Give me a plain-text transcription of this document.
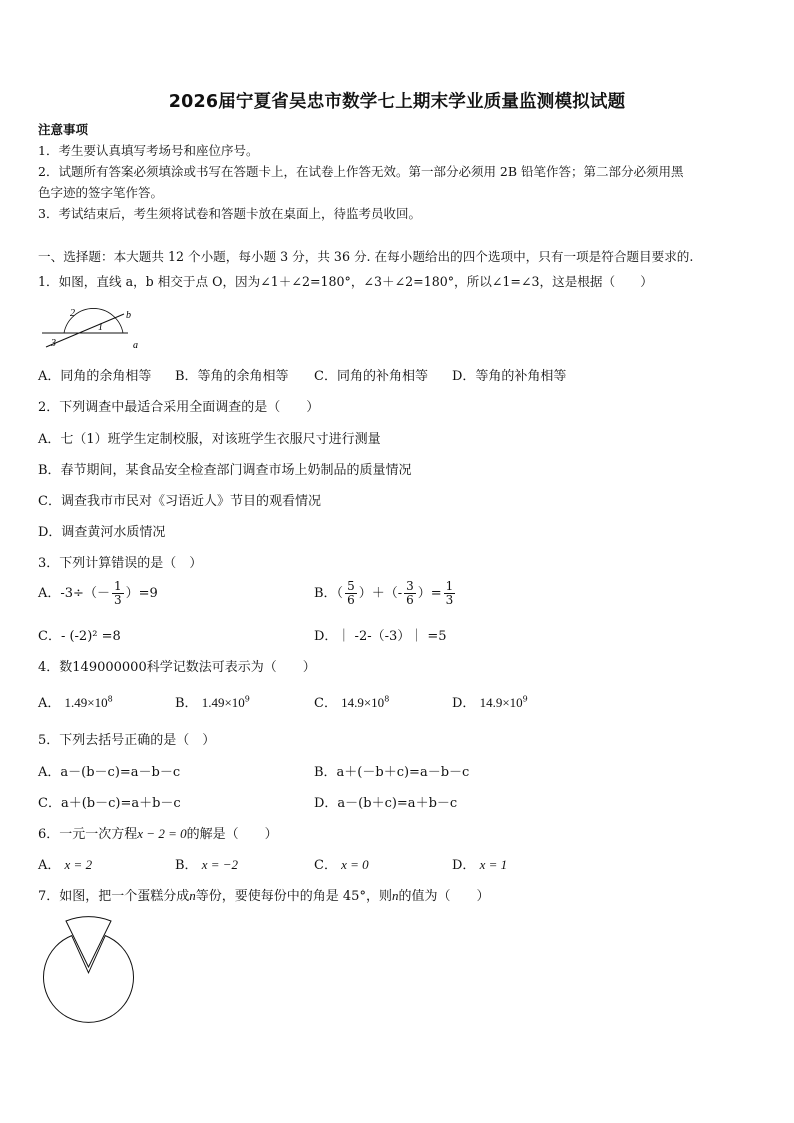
2026届宁夏省吴忠市数学七上期末学业质量监测模拟试题
注意事项
1．考生要认真填写考场号和座位序号。
2．试题所有答案必须填涂或书写在答题卡上，在试卷上作答无效。第一部分必须用 2B 铅笔作答；第二部分必须用黑
色字迹的签字笔作答。
3．考试结束后，考生须将试卷和答题卡放在桌面上，待监考员收回。
一、选择题：本大题共 12 个小题，每小题 3 分，共 36 分. 在每小题给出的四个选项中，只有一项是符合题目要求的.
1．如图，直线 a，b 相交于点 O，因为∠1＋∠2=180°，∠3＋∠2=180°，所以∠1=∠3，这是根据（　　）
2
1
3
b
a
A．同角的余角相等 B．等角的余角相等 C．同角的补角相等 D．等角的补角相等
2．下列调查中最适合采用全面调查的是（　　）
A．七（1）班学生定制校服，对该班学生衣服尺寸进行测量
B．春节期间，某食品安全检查部门调查市场上奶制品的质量情况
C．调查我市市民对《习语近人》节目的观看情况
D．调查黄河水质情况
3．下列计算错误的是（　）
A．$-3\div(- \frac{1}{3} )=9$	B．（ $\frac{5}{6}$ ）＋（- $\frac{3}{6}$ ）= $\frac{1}{3}$
C．- (-2)² =8	D．｜ -2-（-3）｜ =5
4．数149000000科学记数法可表示为（　　）
A． $1.49\times 10^8$	B． $1.49\times 10^9$	C． $14.9\times 10^8$	D． $14.9\times 10^9$
5．下列去括号正确的是（　）
A．a－(b－c)=a－b－c	B．a＋(－b＋c)=a－b－c
C．a＋(b－c)=a＋b－c	D．a－(b＋c)=a＋b－c
6．一元一次方程x − 2 = 0的解是（　　）
A． x = 2	B． x = −2	C． x = 0	D． x = 1
7．如图，把一个蛋糕分成n等份，要使每份中的角是 45°，则n的值为（　　）
